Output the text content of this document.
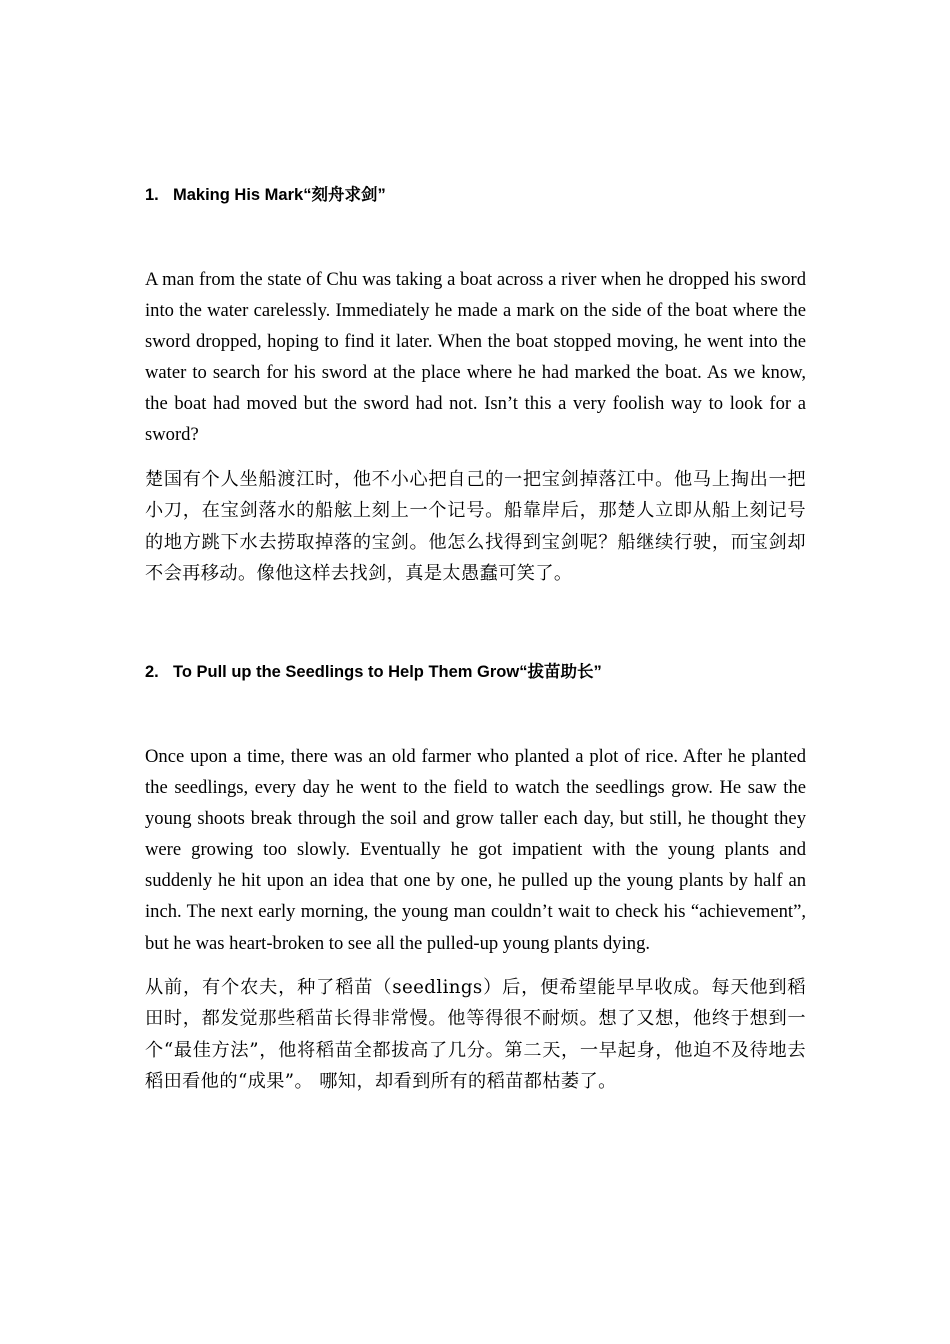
1. Making His Mark“刻舟求剑”

A man from the state of Chu was taking a boat across a river when he dropped his sword into the water carelessly. Immediately he made a mark on the side of the boat where the sword dropped, hoping to find it later. When the boat stopped moving, he went into the water to search for his sword at the place where he had marked the boat. As we know, the boat had moved but the sword had not. Isn’t this a very foolish way to look for a sword?

楚国有个人坐船渡江时，他不小心把自己的一把宝剑掉落江中。他马上掏出一把小刀，在宝剑落水的船舷上刻上一个记号。船靠岸后，那楚人立即从船上刻记号的地方跳下水去捞取掉落的宝剑。他怎么找得到宝剑呢？船继续行驶，而宝剑却不会再移动。像他这样去找剑，真是太愚蠢可笑了。

2. To Pull up the Seedlings to Help Them Grow“拔苗助长”

Once upon a time, there was an old farmer who planted a plot of rice. After he planted the seedlings, every day he went to the field to watch the seedlings grow. He saw the young shoots break through the soil and grow taller each day, but still, he thought they were growing too slowly. Eventually he got impatient with the young plants and suddenly he hit upon an idea that one by one, he pulled up the young plants by half an inch. The next early morning, the young man couldn’t wait to check his “achievement”, but he was heart-broken to see all the pulled-up young plants dying.

从前，有个农夫，种了稻苗（seedlings）后，便希望能早早收成。每天他到稻田时，都发觉那些稻苗长得非常慢。他等得很不耐烦。想了又想，他终于想到一个“最佳方法”，他将稻苗全都拔高了几分。第二天，一早起身，他迫不及待地去稻田看他的“成果”。 哪知，却看到所有的稻苗都枯萎了。
